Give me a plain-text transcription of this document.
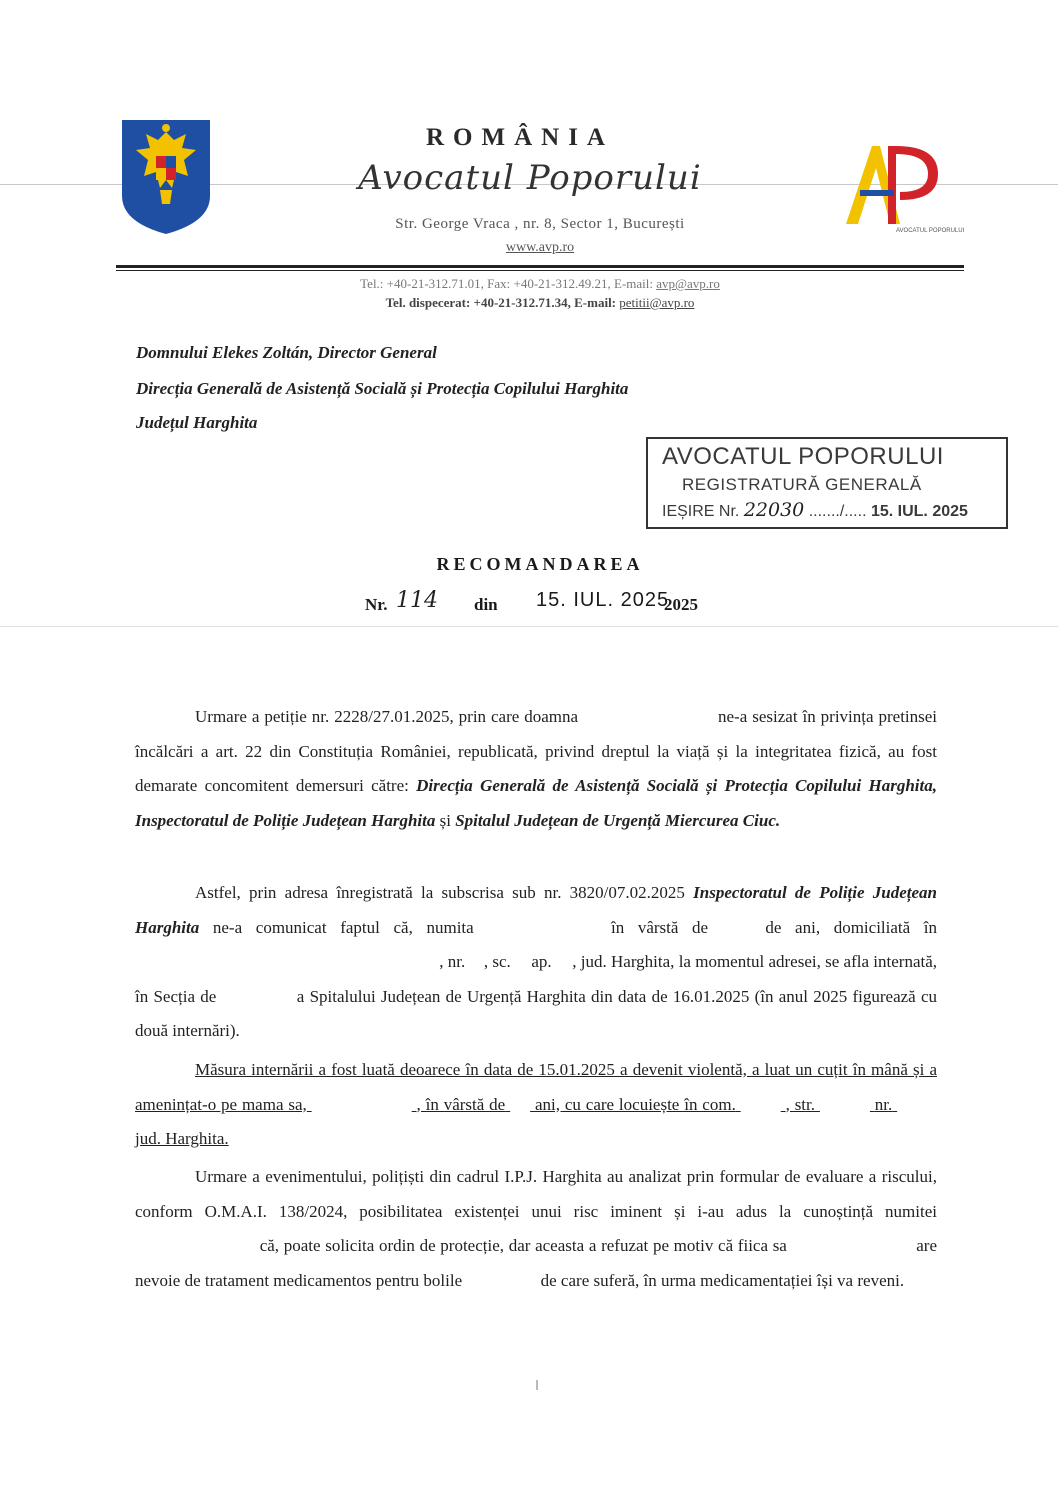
ROMÂNIA
Avocatul Poporului
Str. George Vraca , nr. 8, Sector 1, București
www.avp.ro
AVOCATUL POPORULUI
Tel.: +40-21-312.71.01, Fax: +40-21-312.49.21, E-mail: avp@avp.ro
Tel. dispecerat: +40-21-312.71.34, E-mail: petitii@avp.ro
Domnului Elekes Zoltán, Director General
Direcția Generală de Asistență Socială și Protecția Copilului Harghita
Județul Harghita
AVOCATUL POPORULUI
REGISTRATURĂ GENERALĂ
IEȘIRE Nr. 22030 ......./..... 15. IUL. 2025
RECOMANDAREA
Nr. 114 din 15. IUL. 2025
2025
Urmare a petiție nr. 2228/27.01.2025, prin care doamna	ne-a sesizat în privința pretinsei încălcări a art. 22 din Constituția României, republicată, privind dreptul la viață și la integritatea fizică, au fost demarate concomitent demersuri către: Direcția Generală de Asistență Socială și Protecția Copilului Harghita, Inspectoratul de Poliție Județean Harghita și Spitalul Județean de Urgență Miercurea Ciuc.
Astfel, prin adresa înregistrată la subscrisa sub nr. 3820/07.02.2025 Inspectoratul de Poliție Județean Harghita ne-a comunicat faptul că, numita	în vârstă de	de ani, domiciliată în  , nr. , sc. ap. , jud. Harghita, la momentul adresei, se afla internată, în Secția de	a Spitalului Județean de Urgență Harghita din data de 16.01.2025 (în anul 2025 figurează cu două internări).
Măsura internării a fost luată deoarece în data de 15.01.2025 a devenit violentă, a luat un cuțit în mână și a amenințat-o pe mama sa,	, în vârstă de ani, cu care locuiește în com.	, str.	nr.  jud. Harghita.
Urmare a evenimentului, polițiști din cadrul I.P.J. Harghita au analizat prin formular de evaluare a riscului, conform O.M.A.I. 138/2024, posibilitatea existenței unui risc iminent și i-au adus la cunoștință numitei  că, poate solicita ordin de protecție, dar aceasta a refuzat pe motiv că fiica sa	are nevoie de tratament medicamentos pentru bolile	de care suferă, în urma medicamentației își va reveni.
